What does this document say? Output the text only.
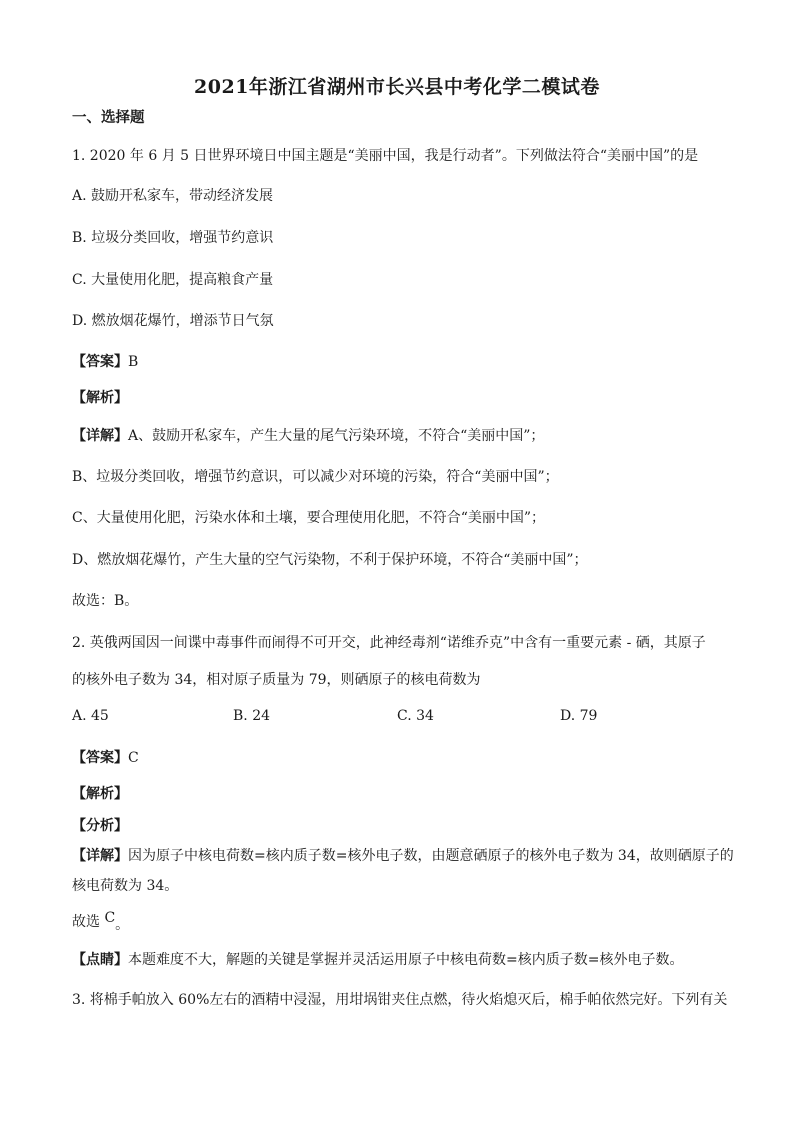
2021年浙江省湖州市长兴县中考化学二模试卷
一、选择题
1. 2020 年 6 月 5 日世界环境日中国主题是“美丽中国，我是行动者”。下列做法符合“美丽中国”的是
A. 鼓励开私家车，带动经济发展
B. 垃圾分类回收，增强节约意识
C. 大量使用化肥，提高粮食产量
D. 燃放烟花爆竹，增添节日气氛
【答案】B
【解析】
【详解】A、鼓励开私家车，产生大量的尾气污染环境，不符合“美丽中国”；
B、垃圾分类回收，增强节约意识，可以减少对环境的污染，符合“美丽中国”；
C、大量使用化肥，污染水体和土壤，要合理使用化肥，不符合“美丽中国”；
D、燃放烟花爆竹，产生大量的空气污染物，不利于保护环境，不符合“美丽中国”；
故选：B。
2. 英俄两国因一间谍中毒事件而闹得不可开交，此神经毒剂“诺维乔克”中含有一重要元素 - 硒，其原子
的核外电子数为 34，相对原子质量为 79，则硒原子的核电荷数为
A. 45	B. 24	C. 34	D. 79
【答案】C
【解析】
【分析】
【详解】因为原子中核电荷数=核内质子数=核外电子数，由题意硒原子的核外电子数为 34，故则硒原子的
核电荷数为 34。
故选 C。
【点睛】本题难度不大，解题的关键是掌握并灵活运用原子中核电荷数=核内质子数=核外电子数。
3. 将棉手帕放入 60%左右的酒精中浸湿，用坩埚钳夹住点燃，待火焰熄灭后，棉手帕依然完好。下列有关
